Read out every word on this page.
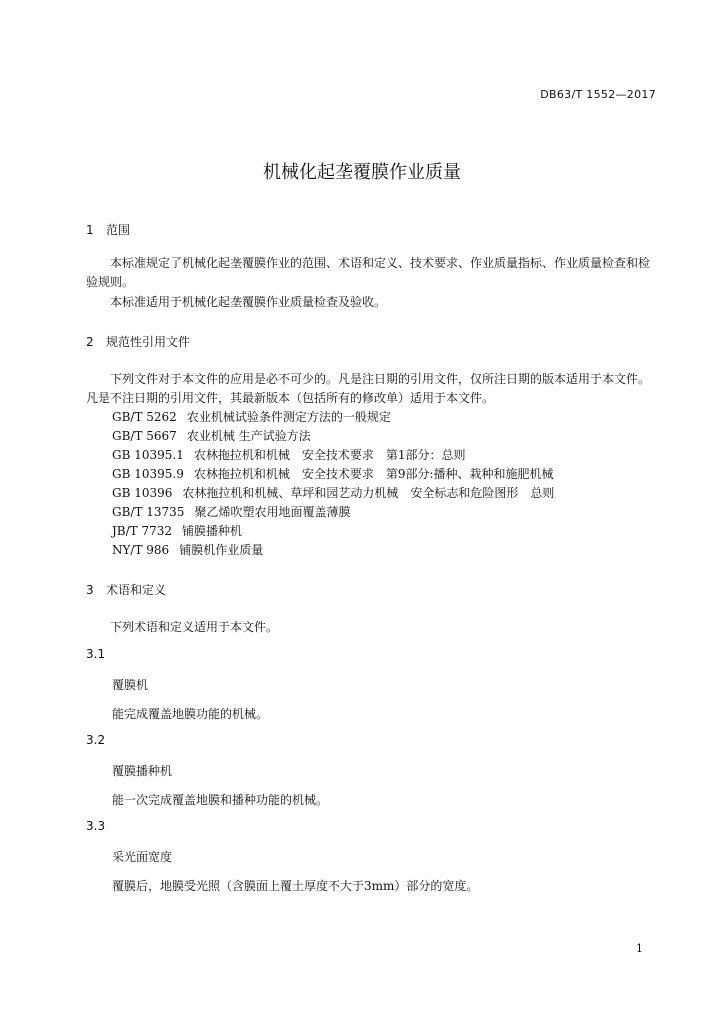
DB63/T 1552—2017
机械化起垄覆膜作业质量
1 范围
本标准规定了机械化起垄覆膜作业的范围、术语和定义、技术要求、作业质量指标、作业质量检查和检验规则。
本标准适用于机械化起垄覆膜作业质量检查及验收。
2 规范性引用文件
下列文件对于本文件的应用是必不可少的。凡是注日期的引用文件，仅所注日期的版本适用于本文件。凡是不注日期的引用文件，其最新版本（包括所有的修改单）适用于本文件。
GB/T 5262 农业机械试验条件测定方法的一般规定
GB/T 5667 农业机械 生产试验方法
GB 10395.1 农林拖拉机和机械　安全技术要求　第1部分：总则
GB 10395.9 农林拖拉机和机械　安全技术要求　第9部分:播种、栽种和施肥机械
GB 10396 农林拖拉机和机械、草坪和园艺动力机械　安全标志和危险图形　总则
GB/T 13735 聚乙烯吹塑农用地面覆盖薄膜
JB/T 7732 铺膜播种机
NY/T 986 铺膜机作业质量
3 术语和定义
下列术语和定义适用于本文件。
3.1
覆膜机
能完成覆盖地膜功能的机械。
3.2
覆膜播种机
能一次完成覆盖地膜和播种功能的机械。
3.3
采光面宽度
覆膜后，地膜受光照（含膜面上覆土厚度不大于3mm）部分的宽度。
1
